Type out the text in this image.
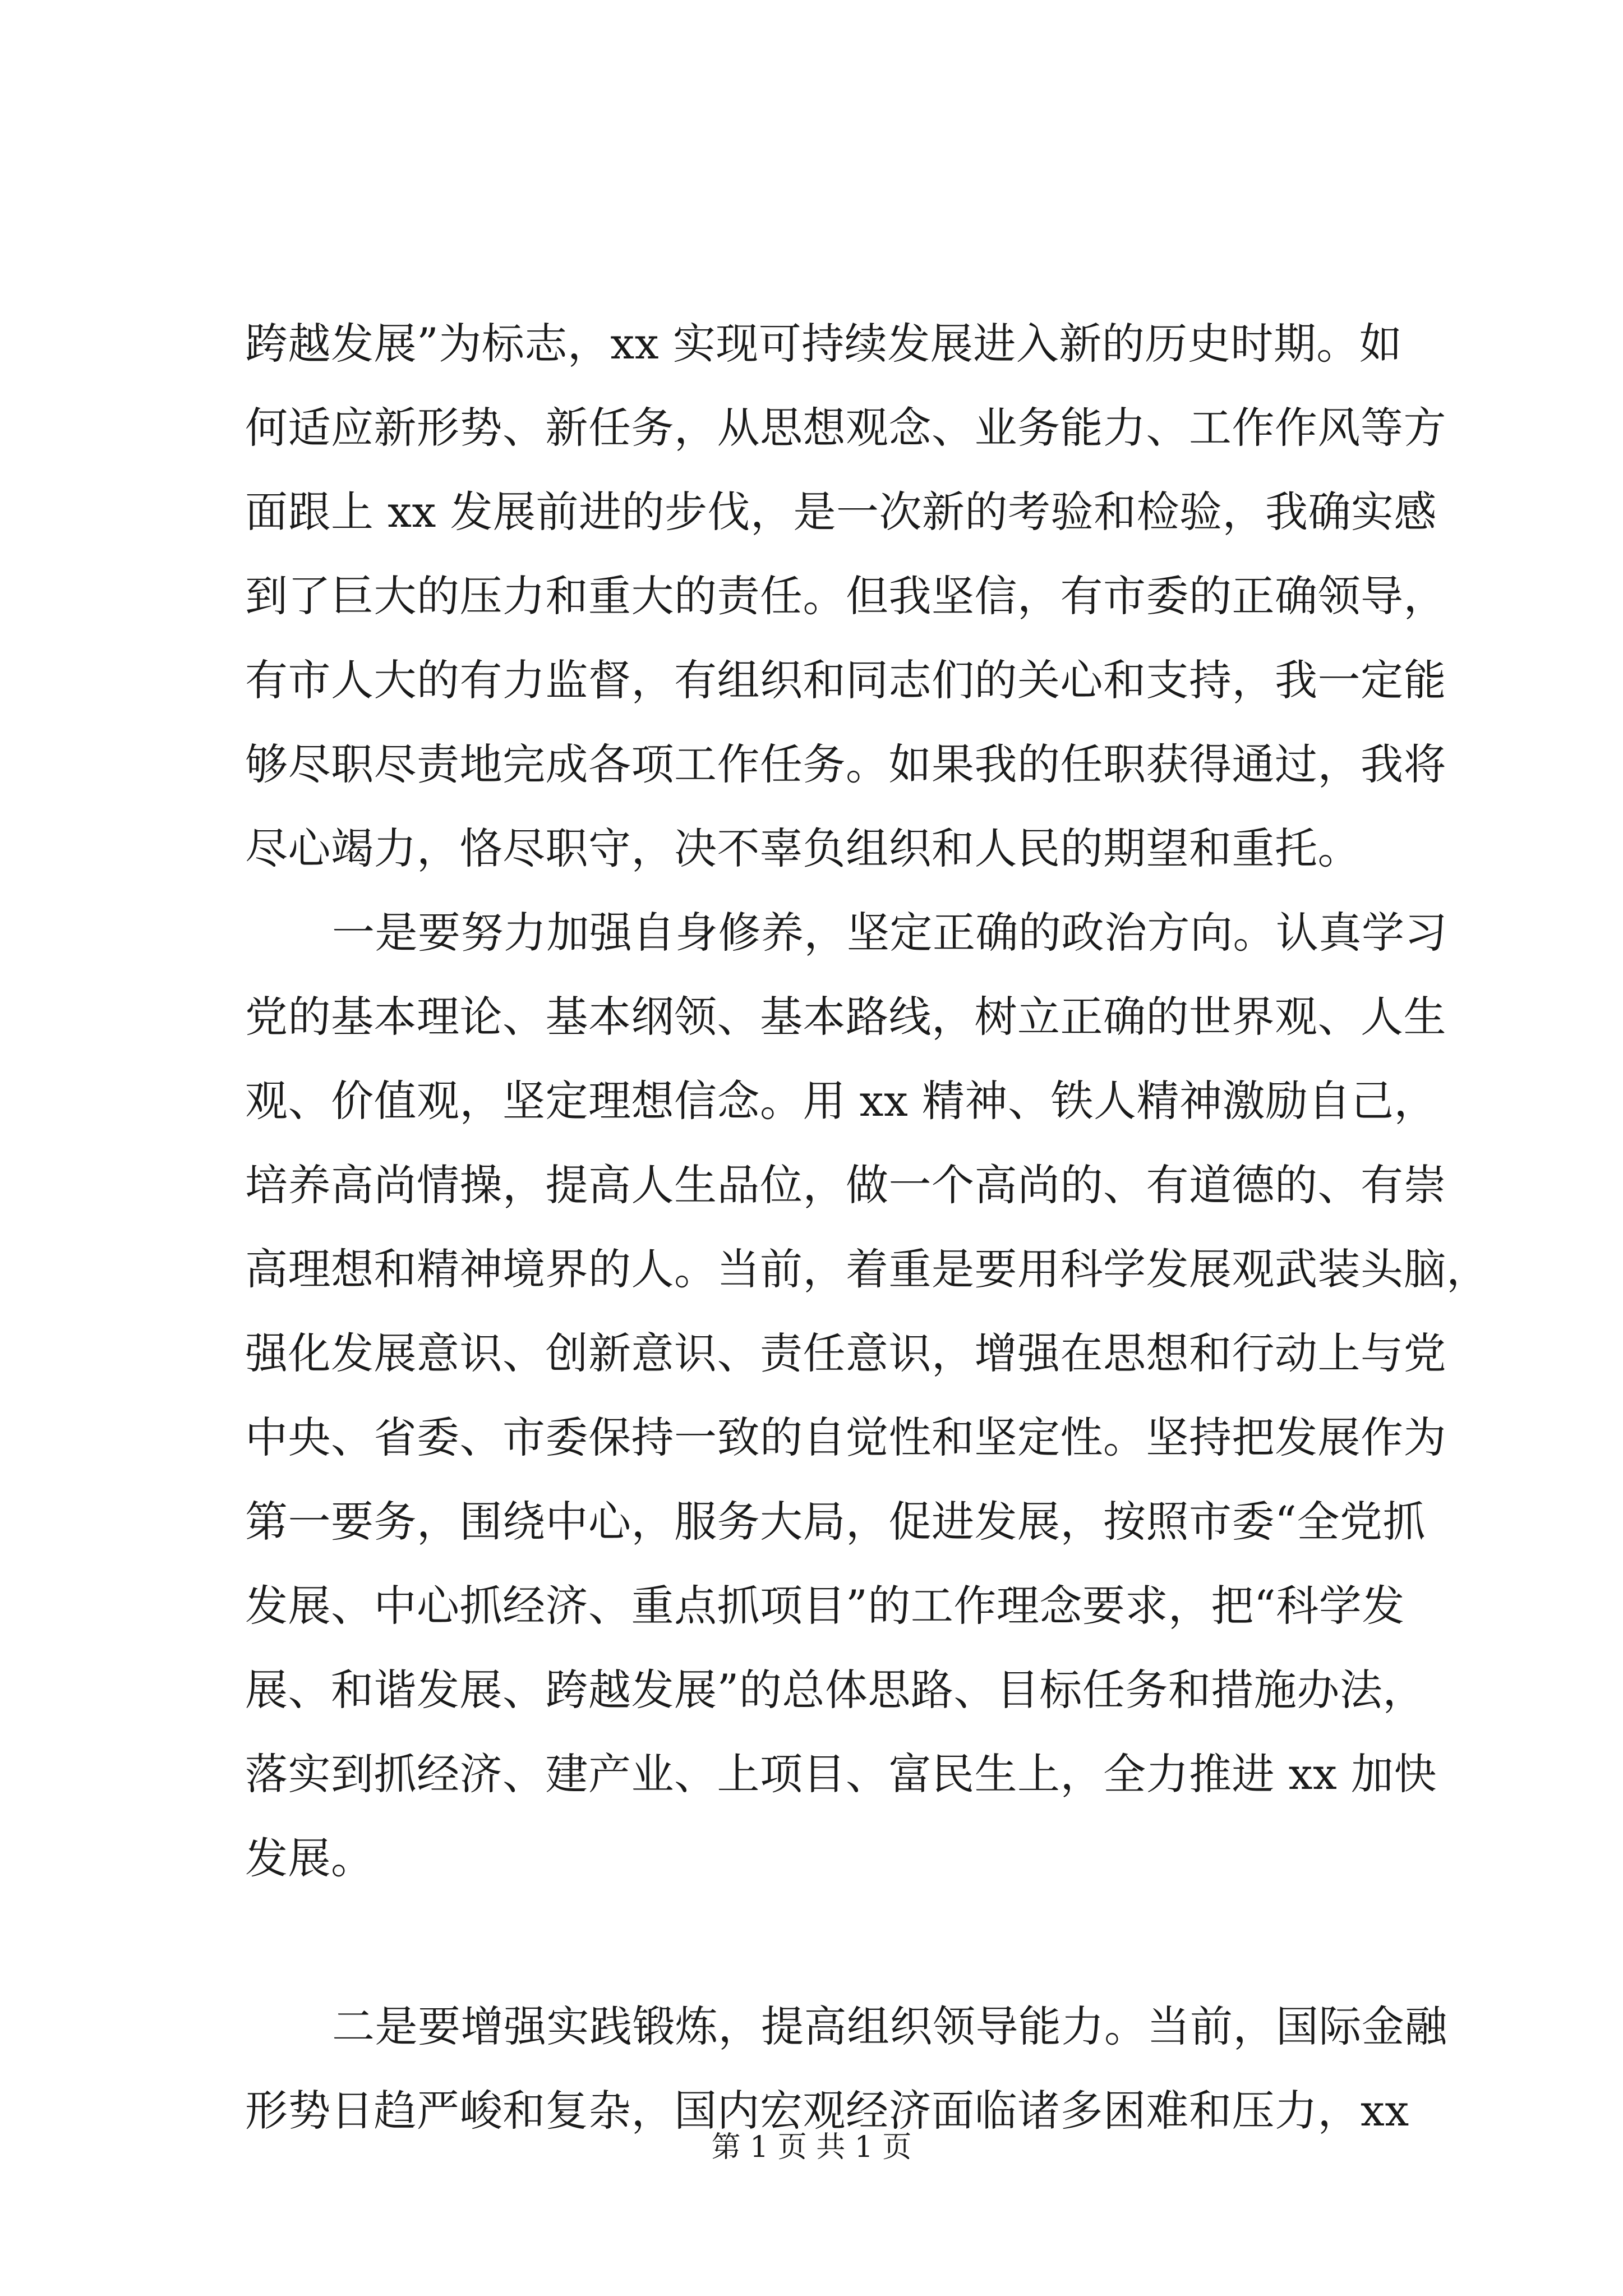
跨越发展”为标志，xx 实现可持续发展进入新的历史时期。如
何适应新形势、新任务，从思想观念、业务能力、工作作风等方
面跟上 xx 发展前进的步伐，是一次新的考验和检验，我确实感
到了巨大的压力和重大的责任。但我坚信，有市委的正确领导，
有市人大的有力监督，有组织和同志们的关心和支持，我一定能
够尽职尽责地完成各项工作任务。如果我的任职获得通过，我将
尽心竭力，恪尽职守，决不辜负组织和人民的期望和重托。
一是要努力加强自身修养，坚定正确的政治方向。认真学习
党的基本理论、基本纲领、基本路线，树立正确的世界观、人生
观、价值观，坚定理想信念。用 xx 精神、铁人精神激励自己，
培养高尚情操，提高人生品位，做一个高尚的、有道德的、有崇
高理想和精神境界的人。当前，着重是要用科学发展观武装头脑，
强化发展意识、创新意识、责任意识，增强在思想和行动上与党
中央、省委、市委保持一致的自觉性和坚定性。坚持把发展作为
第一要务，围绕中心，服务大局，促进发展，按照市委“全党抓
发展、中心抓经济、重点抓项目”的工作理念要求，把“科学发
展、和谐发展、跨越发展”的总体思路、目标任务和措施办法，
落实到抓经济、建产业、上项目、富民生上，全力推进 xx 加快
发展。
二是要增强实践锻炼，提高组织领导能力。当前，国际金融
形势日趋严峻和复杂，国内宏观经济面临诸多困难和压力，xx
第 1 页 共 1 页
